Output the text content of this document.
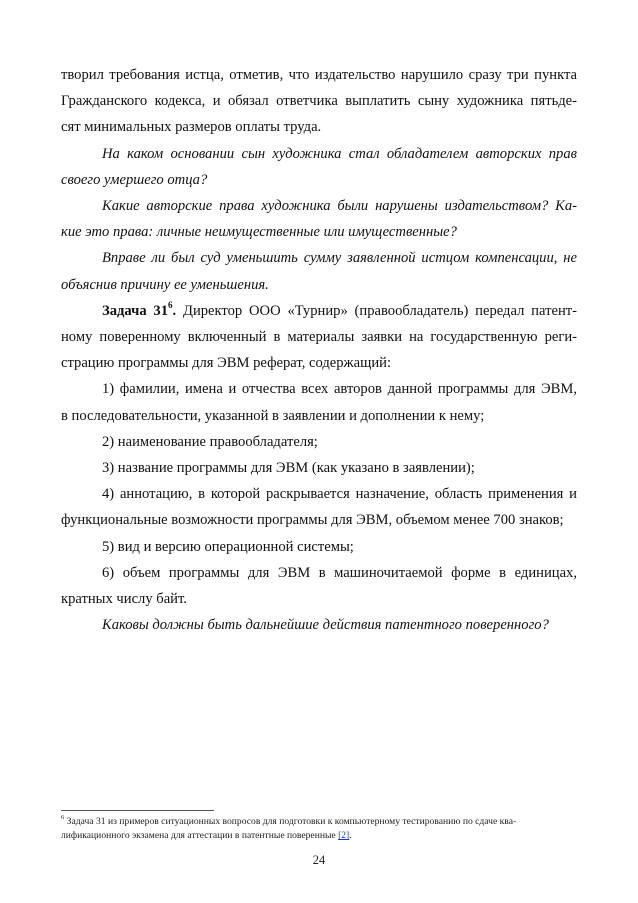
творил требования истца, отметив, что издательство нарушило сразу три пункта
Гражданского кодекса, и обязал ответчика выплатить сыну художника пятьде-
сят минимальных размеров оплаты труда.
На каком основании сын художника стал обладателем авторских прав
своего умершего отца?
Какие авторские права художника были нарушены издательством? Ка-
кие это права: личные неимущественные или имущественные?
Вправе ли был суд уменьшить сумму заявленной истцом компенсации, не
объяснив причину ее уменьшения.
Задача $31^6$. Директор ООО «Турнир» (правообладатель) передал патент-
ному поверенному включенный в материалы заявки на государственную реги-
страцию программы для ЭВМ реферат, содержащий:
1) фамилии, имена и отчества всех авторов данной программы для ЭВМ,
в последовательности, указанной в заявлении и дополнении к нему;
2) наименование правообладателя;
3) название программы для ЭВМ (как указано в заявлении);
4) аннотацию, в которой раскрывается назначение, область применения и
функциональные возможности программы для ЭВМ, объемом менее 700 знаков;
5) вид и версию операционной системы;
6) объем программы для ЭВМ в машиночитаемой форме в единицах,
кратных числу байт.
Каковы должны быть дальнейшие действия патентного поверенного?
$^6$ Задача 31 из примеров ситуационных вопросов для подготовки к компьютерному тестированию по сдаче ква-
лификационного экзамена для аттестации в патентные поверенные [2].
24
